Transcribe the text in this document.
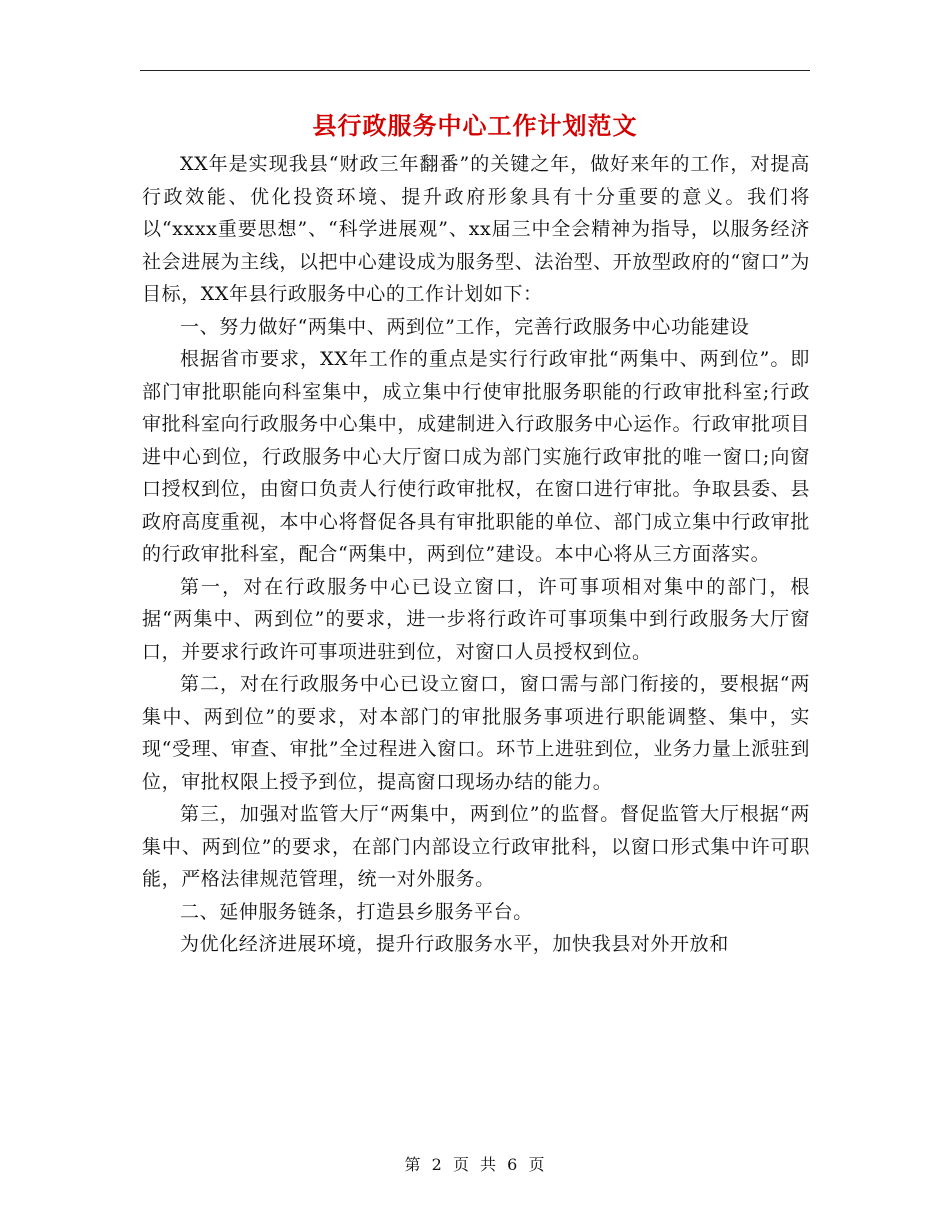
县行政服务中心工作计划范文

XX年是实现我县“财政三年翻番”的关键之年，做好来年的工作，对提高行政效能、优化投资环境、提升政府形象具有十分重要的意义。我们将以“xxxx重要思想”、“科学进展观”、xx届三中全会精神为指导，以服务经济社会进展为主线，以把中心建设成为服务型、法治型、开放型政府的“窗口”为目标，XX年县行政服务中心的工作计划如下：

一、努力做好“两集中、两到位”工作，完善行政服务中心功能建设

根据省市要求，XX年工作的重点是实行行政审批“两集中、两到位”。即部门审批职能向科室集中，成立集中行使审批服务职能的行政审批科室;行政审批科室向行政服务中心集中，成建制进入行政服务中心运作。行政审批项目进中心到位，行政服务中心大厅窗口成为部门实施行政审批的唯一窗口;向窗口授权到位，由窗口负责人行使行政审批权，在窗口进行审批。争取县委、县政府高度重视，本中心将督促各具有审批职能的单位、部门成立集中行政审批的行政审批科室，配合“两集中，两到位”建设。本中心将从三方面落实。

第一，对在行政服务中心已设立窗口，许可事项相对集中的部门，根据“两集中、两到位”的要求，进一步将行政许可事项集中到行政服务大厅窗口，并要求行政许可事项进驻到位，对窗口人员授权到位。

第二，对在行政服务中心已设立窗口，窗口需与部门衔接的，要根据“两集中、两到位”的要求，对本部门的审批服务事项进行职能调整、集中，实现“受理、审查、审批”全过程进入窗口。环节上进驻到位，业务力量上派驻到位，审批权限上授予到位，提高窗口现场办结的能力。

第三，加强对监管大厅“两集中，两到位”的监督。督促监管大厅根据“两集中、两到位”的要求，在部门内部设立行政审批科，以窗口形式集中许可职能，严格法律规范管理，统一对外服务。

二、延伸服务链条，打造县乡服务平台。

为优化经济进展环境，提升行政服务水平，加快我县对外开放和

第 2 页 共 6 页
